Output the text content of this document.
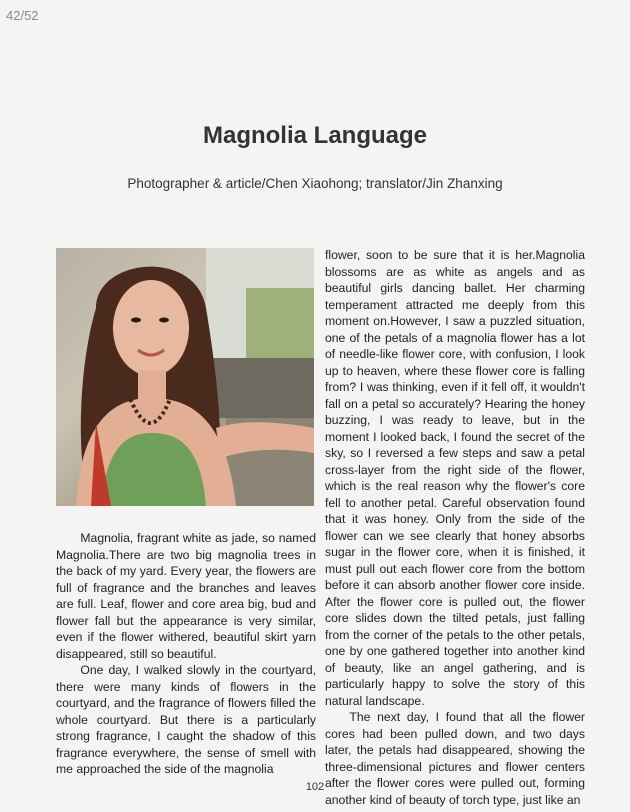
42/52
Magnolia Language
Photographer & article/Chen Xiaohong; translator/Jin Zhanxing

Magnolia, fragrant white as jade, so named Magnolia.There are two big magnolia trees in the back of my yard. Every year, the flowers are full of fragrance and the branches and leaves are full. Leaf, flower and core area big, bud and flower fall but the appearance is very similar, even if the flower withered, beautiful skirt yarn disappeared, still so beautiful.

One day, I walked slowly in the courtyard, there were many kinds of flowers in the courtyard, and the fragrance of flowers filled the whole courtyard. But there is a particularly strong fragrance, I caught the shadow of this fragrance everywhere, the sense of smell with me approached the side of the magnolia

flower, soon to be sure that it is her.Magnolia blossoms are as white as angels and as beautiful girls dancing ballet. Her charming temperament attracted me deeply from this moment on.However, I saw a puzzled situation, one of the petals of a magnolia flower has a lot of needle-like flower core, with confusion, I look up to heaven, where these flower core is falling from? I was thinking, even if it fell off, it wouldn't fall on a petal so accurately? Hearing the honey buzzing, I was ready to leave, but in the moment I looked back, I found the secret of the sky, so I reversed a few steps and saw a petal cross-layer from the right side of the flower, which is the real reason why the flower's core fell to another petal. Careful observation found that it was honey. Only from the side of the flower can we see clearly that honey absorbs sugar in the flower core, when it is finished, it must pull out each flower core from the bottom before it can absorb another flower core inside. After the flower core is pulled out, the flower core slides down the tilted petals, just falling from the corner of the petals to the other petals, one by one gathered together into another kind of beauty, like an angel gathering, and is particularly happy to solve the story of this natural landscape.

The next day, I found that all the flower cores had been pulled down, and two days later, the petals had disappeared, showing the three-dimensional pictures and flower centers after the flower cores were pulled out, forming another kind of beauty of torch type, just like an

102
